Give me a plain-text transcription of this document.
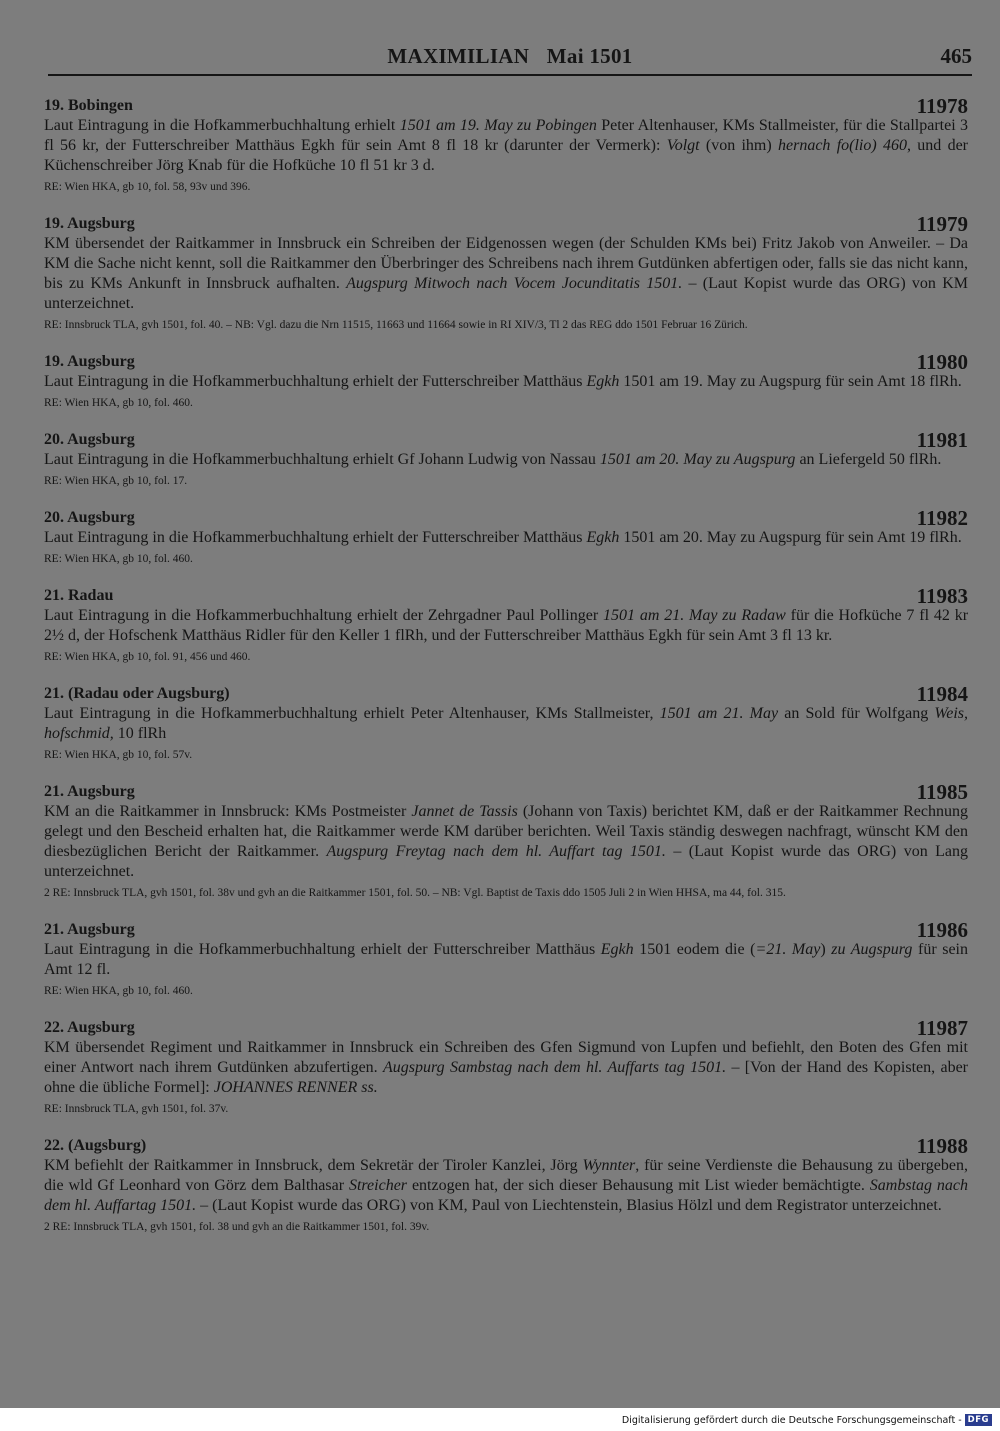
MAXIMILIAN Mai 1501	465
19. Bobingen	11978
Laut Eintragung in die Hofkammerbuchhaltung erhielt 1501 am 19. May zu Pobingen Peter Altenhauser, KMs Stallmeister, für die Stallpartei 3 fl 56 kr, der Futterschreiber Matthäus Egkh für sein Amt 8 fl 18 kr (darunter der Vermerk): Volgt (von ihm) hernach fo(lio) 460, und der Küchenschreiber Jörg Knab für die Hofküche 10 fl 51 kr 3 d.
RE: Wien HKA, gb 10, fol. 58, 93v und 396.
19. Augsburg	11979
KM übersendet der Raitkammer in Innsbruck ein Schreiben der Eidgenossen wegen (der Schulden KMs bei) Fritz Jakob von Anweiler. – Da KM die Sache nicht kennt, soll die Raitkammer den Überbringer des Schreibens nach ihrem Gutdünken abfertigen oder, falls sie das nicht kann, bis zu KMs Ankunft in Innsbruck aufhalten. Augspurg Mitwoch nach Vocem Jocunditatis 1501. – (Laut Kopist wurde das ORG) von KM unterzeichnet.
RE: Innsbruck TLA, gvh 1501, fol. 40. – NB: Vgl. dazu die Nrn 11515, 11663 und 11664 sowie in RI XIV/3, Tl 2 das REG ddo 1501 Februar 16 Zürich.
19. Augsburg	11980
Laut Eintragung in die Hofkammerbuchhaltung erhielt der Futterschreiber Matthäus Egkh 1501 am 19. May zu Augspurg für sein Amt 18 flRh.
RE: Wien HKA, gb 10, fol. 460.
20. Augsburg	11981
Laut Eintragung in die Hofkammerbuchhaltung erhielt Gf Johann Ludwig von Nassau 1501 am 20. May zu Augspurg an Liefergeld 50 flRh.
RE: Wien HKA, gb 10, fol. 17.
20. Augsburg	11982
Laut Eintragung in die Hofkammerbuchhaltung erhielt der Futterschreiber Matthäus Egkh 1501 am 20. May zu Augspurg für sein Amt 19 flRh.
RE: Wien HKA, gb 10, fol. 460.
21. Radau	11983
Laut Eintragung in die Hofkammerbuchhaltung erhielt der Zehrgadner Paul Pollinger 1501 am 21. May zu Radaw für die Hofküche 7 fl 42 kr 2½ d, der Hofschenk Matthäus Ridler für den Keller 1 flRh, und der Futterschreiber Matthäus Egkh für sein Amt 3 fl 13 kr.
RE: Wien HKA, gb 10, fol. 91, 456 und 460.
21. (Radau oder Augsburg)	11984
Laut Eintragung in die Hofkammerbuchhaltung erhielt Peter Altenhauser, KMs Stallmeister, 1501 am 21. May an Sold für Wolfgang Weis, hofschmid, 10 flRh
RE: Wien HKA, gb 10, fol. 57v.
21. Augsburg	11985
KM an die Raitkammer in Innsbruck: KMs Postmeister Jannet de Tassis (Johann von Taxis) berichtet KM, daß er der Raitkammer Rechnung gelegt und den Bescheid erhalten hat, die Raitkammer werde KM darüber berichten. Weil Taxis ständig deswegen nachfragt, wünscht KM den diesbezüglichen Bericht der Raitkammer. Augspurg Freytag nach dem hl. Auffart tag 1501. – (Laut Kopist wurde das ORG) von Lang unterzeichnet.
2 RE: Innsbruck TLA, gvh 1501, fol. 38v und gvh an die Raitkammer 1501, fol. 50. – NB: Vgl. Baptist de Taxis ddo 1505 Juli 2 in Wien HHSA, ma 44, fol. 315.
21. Augsburg	11986
Laut Eintragung in die Hofkammerbuchhaltung erhielt der Futterschreiber Matthäus Egkh 1501 eodem die (=21. May) zu Augspurg für sein Amt 12 fl.
RE: Wien HKA, gb 10, fol. 460.
22. Augsburg	11987
KM übersendet Regiment und Raitkammer in Innsbruck ein Schreiben des Gfen Sigmund von Lupfen und befiehlt, den Boten des Gfen mit einer Antwort nach ihrem Gutdünken abzufertigen. Augspurg Sambstag nach dem hl. Auffarts tag 1501. – [Von der Hand des Kopisten, aber ohne die übliche Formel]: JOHANNES RENNER ss.
RE: Innsbruck TLA, gvh 1501, fol. 37v.
22. (Augsburg)	11988
KM befiehlt der Raitkammer in Innsbruck, dem Sekretär der Tiroler Kanzlei, Jörg Wynnter, für seine Verdienste die Behausung zu übergeben, die wld Gf Leonhard von Görz dem Balthasar Streicher entzogen hat, der sich dieser Behausung mit List wieder bemächtigte. Sambstag nach dem hl. Auffartag 1501. – (Laut Kopist wurde das ORG) von KM, Paul von Liechtenstein, Blasius Hölzl und dem Registrator unterzeichnet.
2 RE: Innsbruck TLA, gvh 1501, fol. 38 und gvh an die Raitkammer 1501, fol. 39v.
Digitalisierung gefördert durch die Deutsche Forschungsgemeinschaft - DFG
